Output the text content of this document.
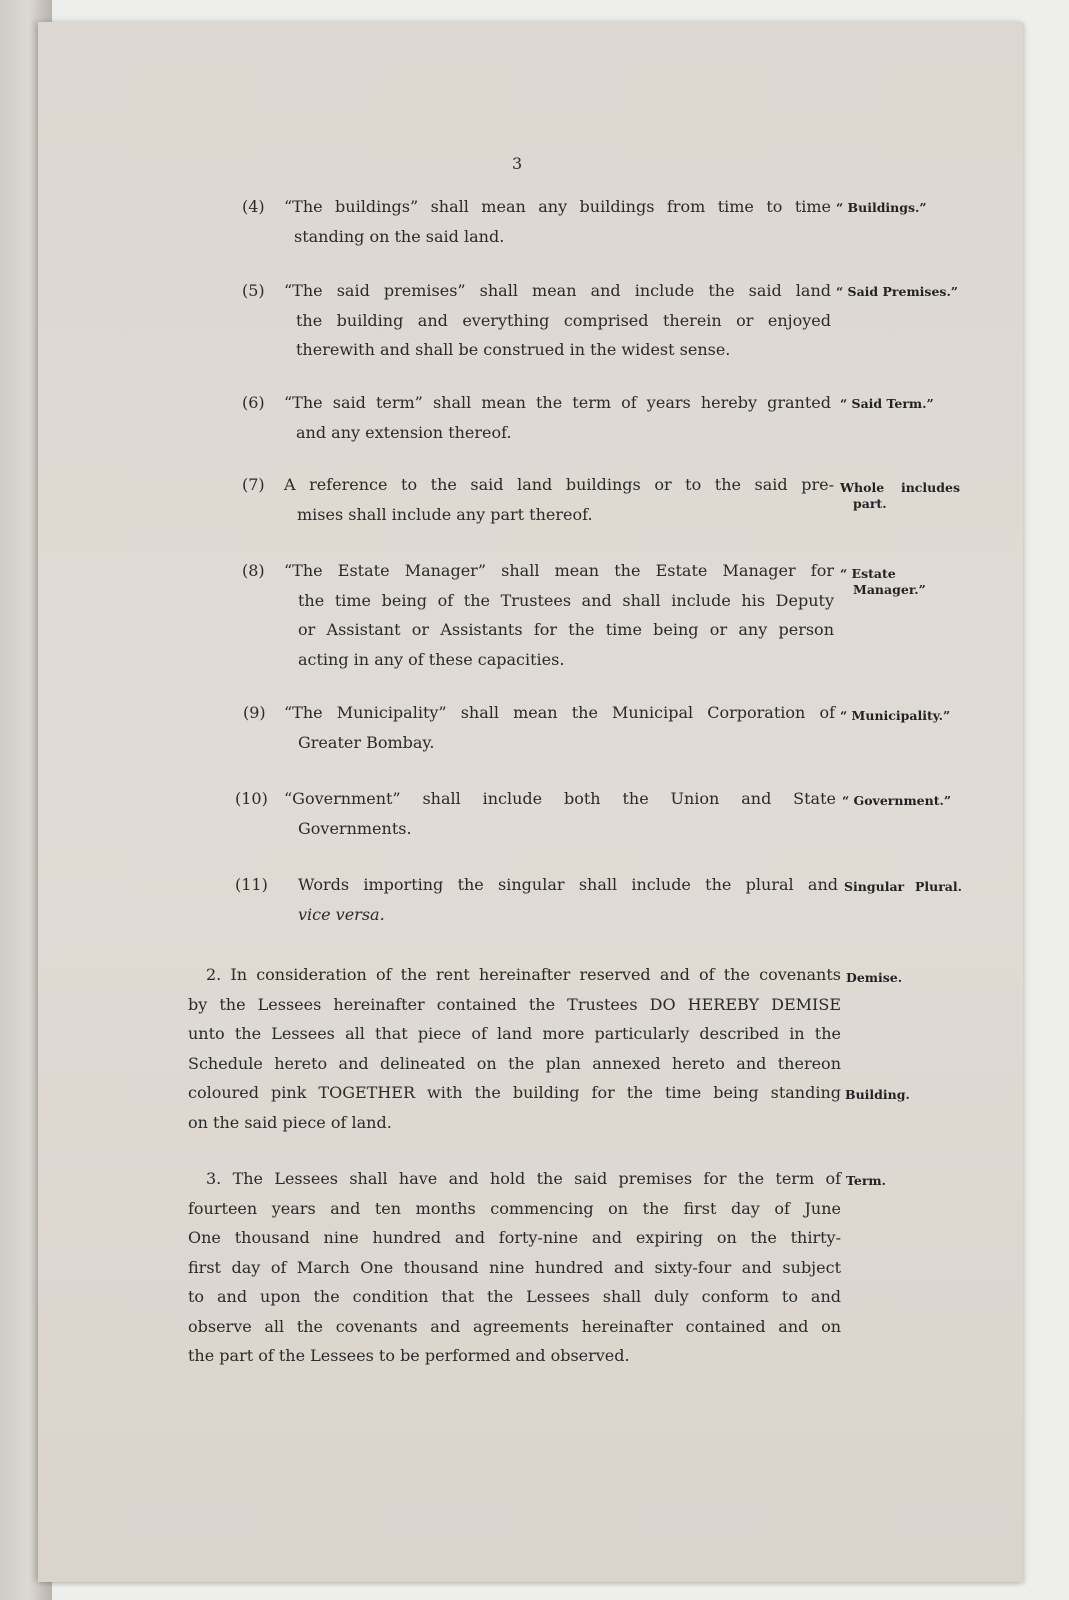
3
(4) “The buildings” shall mean any buildings from time to time
standing on the said land.
“ Buildings.”
(5) “The said premises” shall mean and include the said land
the building and everything comprised therein or enjoyed
therewith and shall be construed in the widest sense.
“ Said Premises.”
(6) “The said term” shall mean the term of years hereby granted
and any extension thereof.
“ Said Term.”
(7) A reference to the said land buildings or to the said pre-
mises shall include any part thereof.
Whole includes
part.
(8) “The Estate Manager” shall mean the Estate Manager for
the time being of the Trustees and shall include his Deputy
or Assistant or Assistants for the time being or any person
acting in any of these capacities.
“ Estate
Manager.”
(9) “The Municipality” shall mean the Municipal Corporation of
Greater Bombay.
“ Municipality.”
(10) “Government” shall include both the Union and State
Governments.
“ Government.”
(11) Words importing the singular shall include the plural and
vice versa.
Singular Plural.
2. In consideration of the rent hereinafter reserved and of the covenants
by the Lessees hereinafter contained the Trustees DO HEREBY DEMISE
unto the Lessees all that piece of land more particularly described in the
Schedule hereto and delineated on the plan annexed hereto and thereon
coloured pink TOGETHER with the building for the time being standing
on the said piece of land.
Demise.
Building.
3. The Lessees shall have and hold the said premises for the term of
fourteen years and ten months commencing on the first day of June
One thousand nine hundred and forty-nine and expiring on the thirty-
first day of March One thousand nine hundred and sixty-four and subject
to and upon the condition that the Lessees shall duly conform to and
observe all the covenants and agreements hereinafter contained and on
the part of the Lessees to be performed and observed.
Term.
